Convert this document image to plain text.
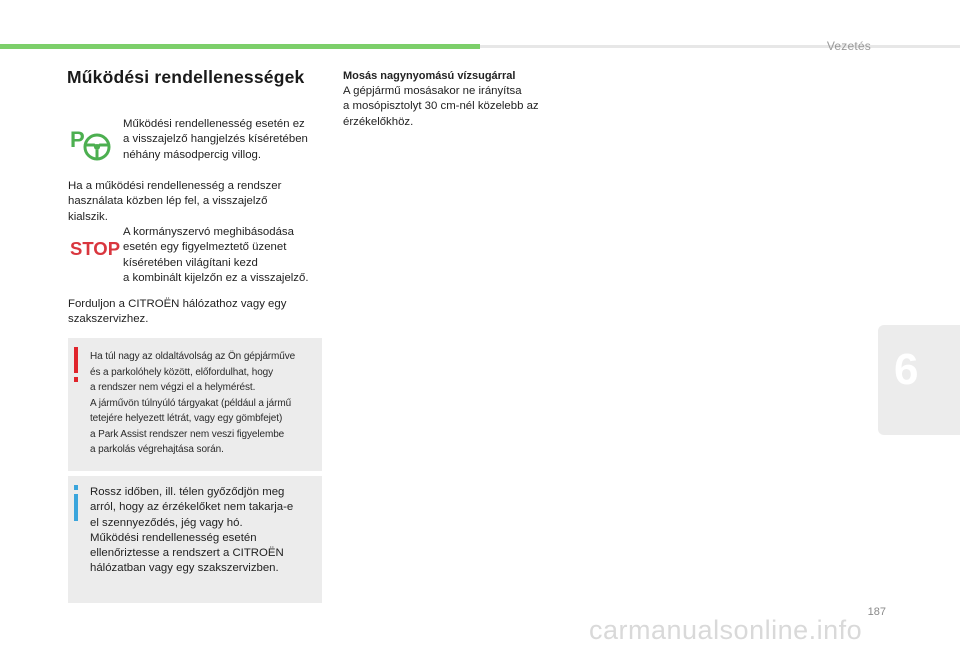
Vezetés
Működési rendellenességek
P
Működési rendellenesség esetén ez
a visszajelző hangjelzés kíséretében
néhány másodpercig villog.
Ha a működési rendellenesség a rendszer
használata közben lép fel, a visszajelző
kialszik.
STOP
A kormányszervó meghibásodása
esetén egy figyelmeztető üzenet
kíséretében világítani kezd
a kombinált kijelzőn ez a visszajelző.
Forduljon a CITROËN hálózathoz vagy egy
szakszervizhez.
Ha túl nagy az oldaltávolság az Ön gépjárműve
és a parkolóhely között, előfordulhat, hogy
a rendszer nem végzi el a helymérést.
A járművön túlnyúló tárgyakat (például a jármű
tetejére helyezett létrát, vagy egy gömbfejet)
a Park Assist rendszer nem veszi figyelembe
a parkolás végrehajtása során.
Rossz időben, ill. télen győződjön meg
arról, hogy az érzékelőket nem takarja-e
el szennyeződés, jég vagy hó.
Működési rendellenesség esetén
ellenőriztesse a rendszert a CITROËN
hálózatban vagy egy szakszervizben.
Mosás nagynyomású vízsugárral
A gépjármű mosásakor ne irányítsa
a mosópisztolyt 30 cm-nél közelebb az
érzékelőkhöz.
6
187
carmanualsonline.info
